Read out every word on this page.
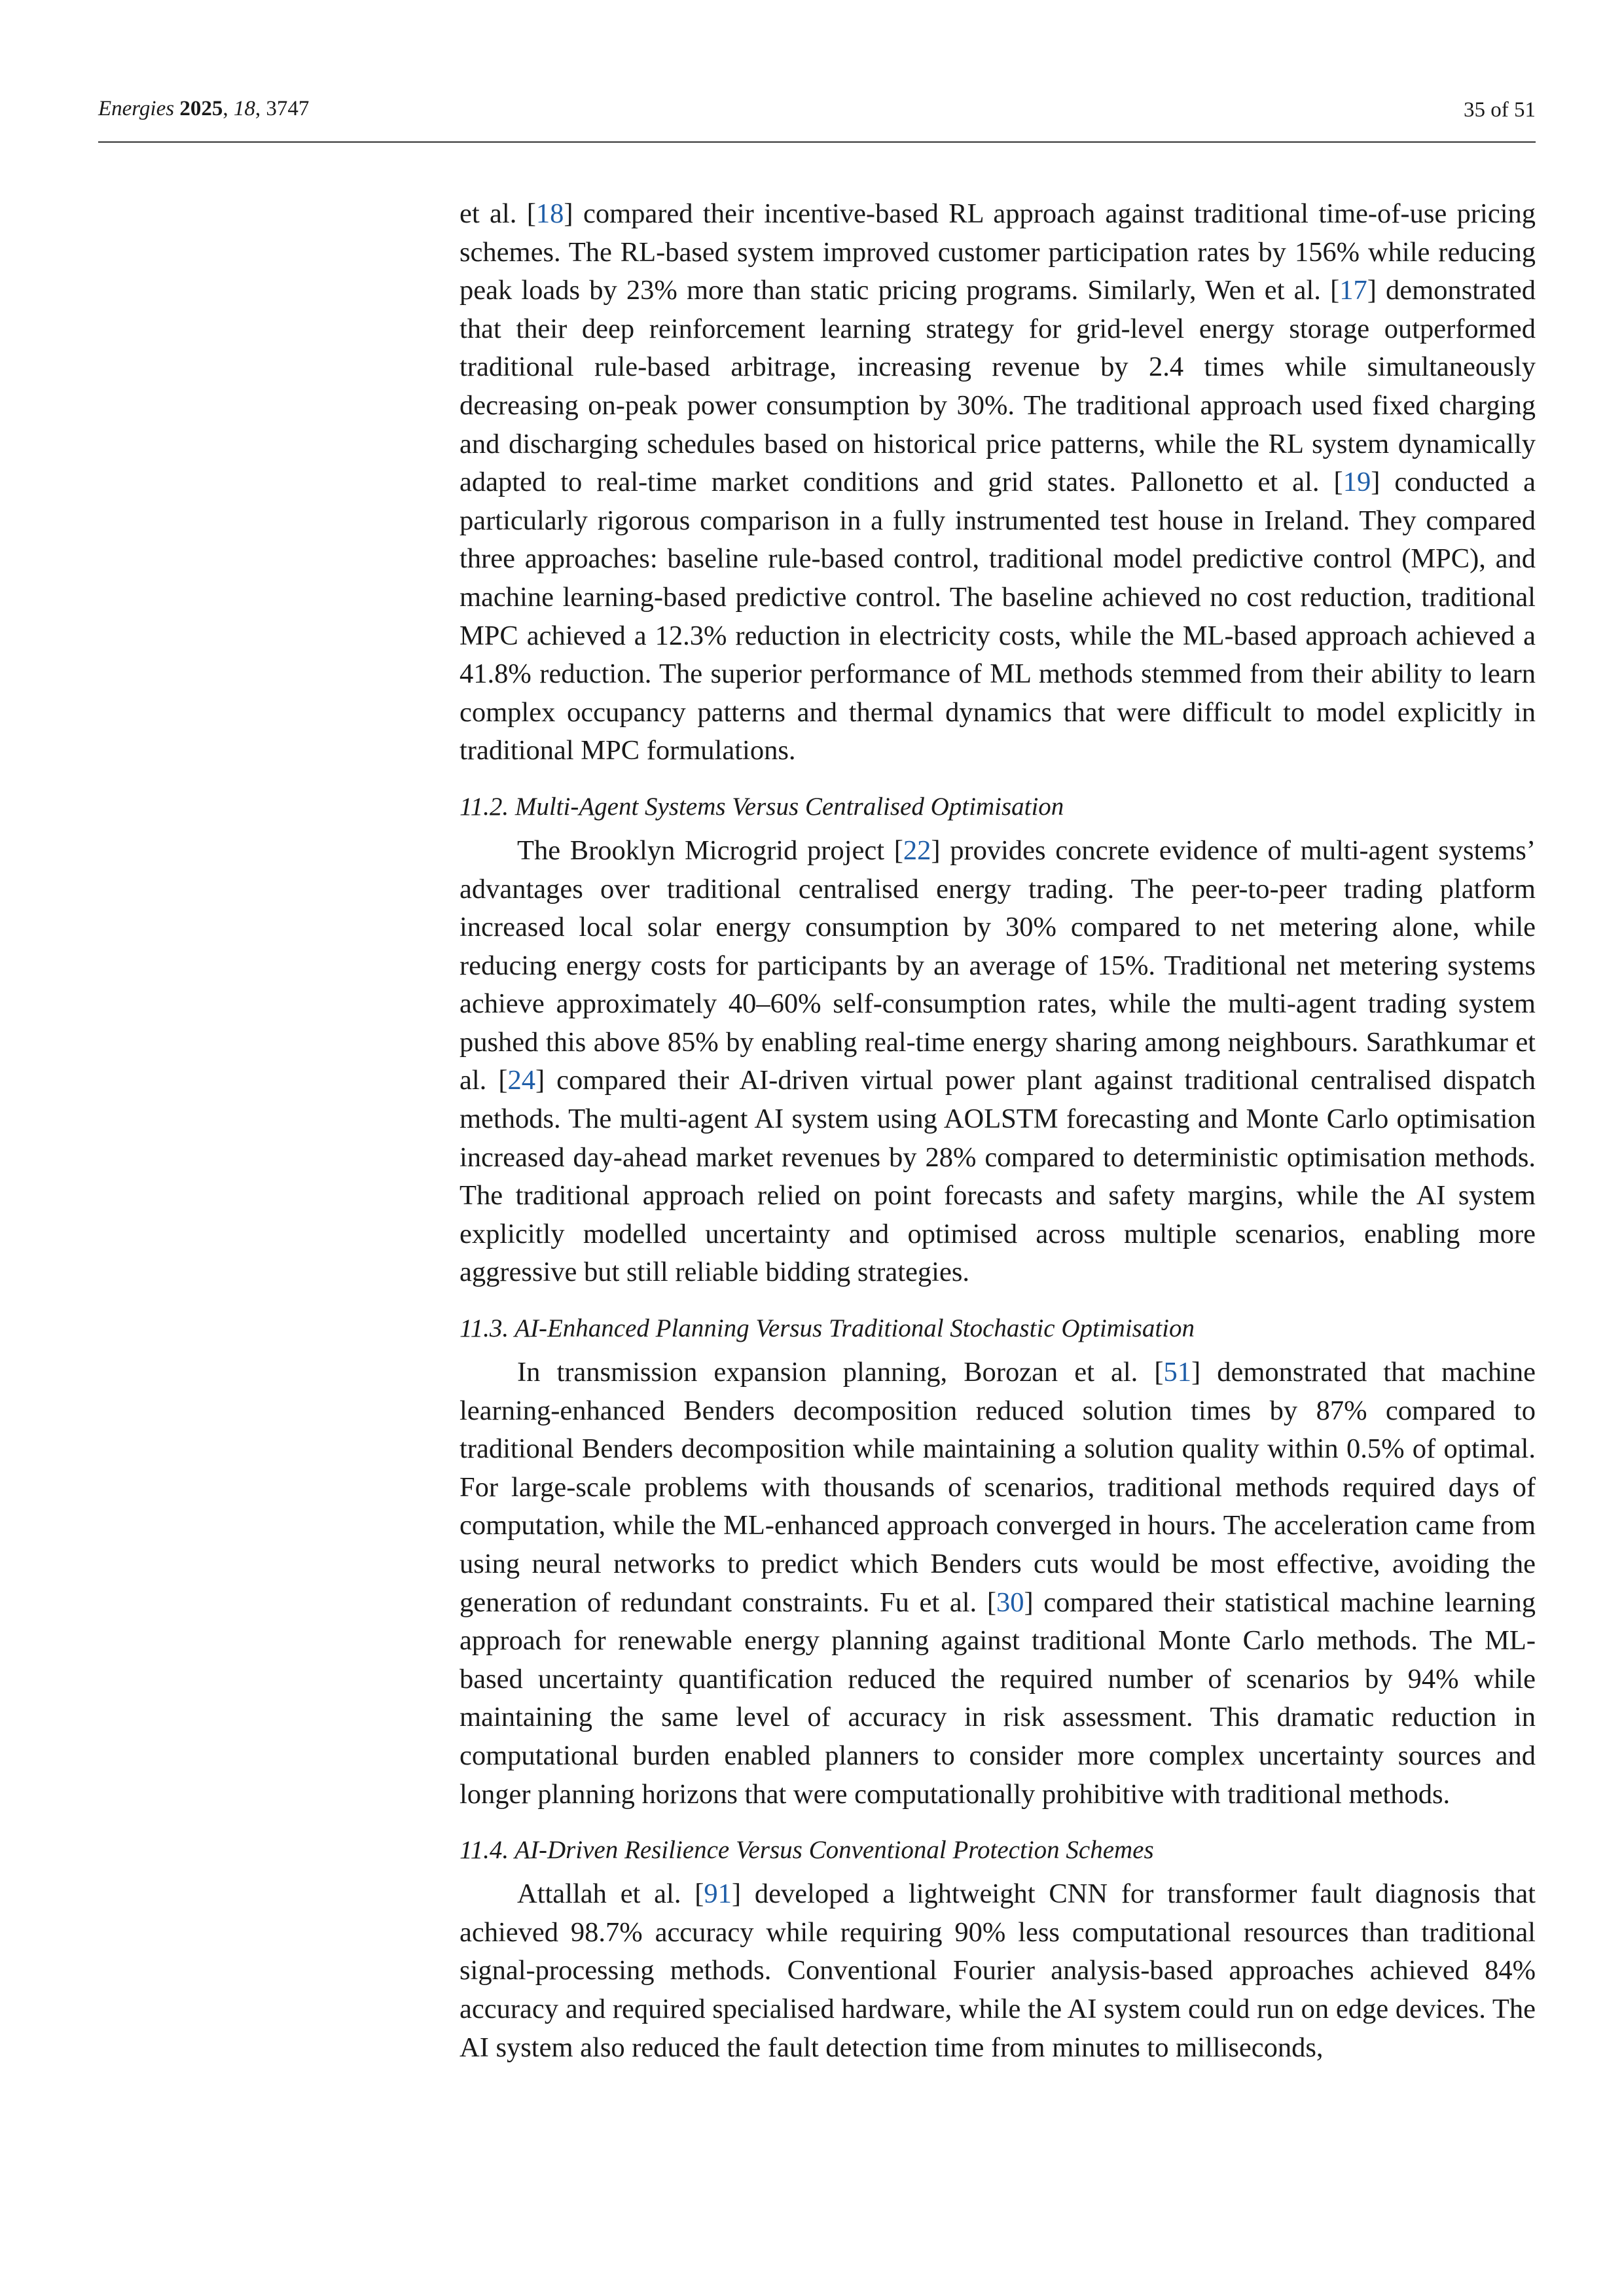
Energies 2025, 18, 3747	35 of 51

et al. [18] compared their incentive-based RL approach against traditional time-of-use pricing schemes. The RL-based system improved customer participation rates by 156% while reducing peak loads by 23% more than static pricing programs. Similarly, Wen et al. [17] demonstrated that their deep reinforcement learning strategy for grid-level energy storage outperformed traditional rule-based arbitrage, increasing revenue by 2.4 times while simultaneously decreasing on-peak power consumption by 30%. The traditional approach used fixed charging and discharging schedules based on historical price patterns, while the RL system dynamically adapted to real-time market conditions and grid states. Pallonetto et al. [19] conducted a particularly rigorous comparison in a fully instrumented test house in Ireland. They compared three approaches: baseline rule-based control, traditional model predictive control (MPC), and machine learning-based predictive control. The baseline achieved no cost reduction, traditional MPC achieved a 12.3% reduction in electricity costs, while the ML-based approach achieved a 41.8% reduction. The superior performance of ML methods stemmed from their ability to learn complex occupancy patterns and thermal dynamics that were difficult to model explicitly in traditional MPC formulations.

11.2. Multi-Agent Systems Versus Centralised Optimisation

The Brooklyn Microgrid project [22] provides concrete evidence of multi-agent systems’ advantages over traditional centralised energy trading. The peer-to-peer trading platform increased local solar energy consumption by 30% compared to net metering alone, while reducing energy costs for participants by an average of 15%. Traditional net metering systems achieve approximately 40–60% self-consumption rates, while the multi-agent trading system pushed this above 85% by enabling real-time energy sharing among neighbours. Sarathkumar et al. [24] compared their AI-driven virtual power plant against traditional centralised dispatch methods. The multi-agent AI system using AOLSTM forecasting and Monte Carlo optimisation increased day-ahead market revenues by 28% compared to deterministic optimisation methods. The traditional approach relied on point forecasts and safety margins, while the AI system explicitly modelled uncertainty and optimised across multiple scenarios, enabling more aggressive but still reliable bidding strategies.

11.3. AI-Enhanced Planning Versus Traditional Stochastic Optimisation

In transmission expansion planning, Borozan et al. [51] demonstrated that machine learning-enhanced Benders decomposition reduced solution times by 87% compared to traditional Benders decomposition while maintaining a solution quality within 0.5% of optimal. For large-scale problems with thousands of scenarios, traditional methods required days of computation, while the ML-enhanced approach converged in hours. The acceleration came from using neural networks to predict which Benders cuts would be most effective, avoiding the generation of redundant constraints. Fu et al. [30] compared their statistical machine learning approach for renewable energy planning against traditional Monte Carlo methods. The ML-based uncertainty quantification reduced the required number of scenarios by 94% while maintaining the same level of accuracy in risk assessment. This dramatic reduction in computational burden enabled planners to consider more complex uncertainty sources and longer planning horizons that were computationally prohibitive with traditional methods.

11.4. AI-Driven Resilience Versus Conventional Protection Schemes

Attallah et al. [91] developed a lightweight CNN for transformer fault diagnosis that achieved 98.7% accuracy while requiring 90% less computational resources than traditional signal-processing methods. Conventional Fourier analysis-based approaches achieved 84% accuracy and required specialised hardware, while the AI system could run on edge devices. The AI system also reduced the fault detection time from minutes to milliseconds,
